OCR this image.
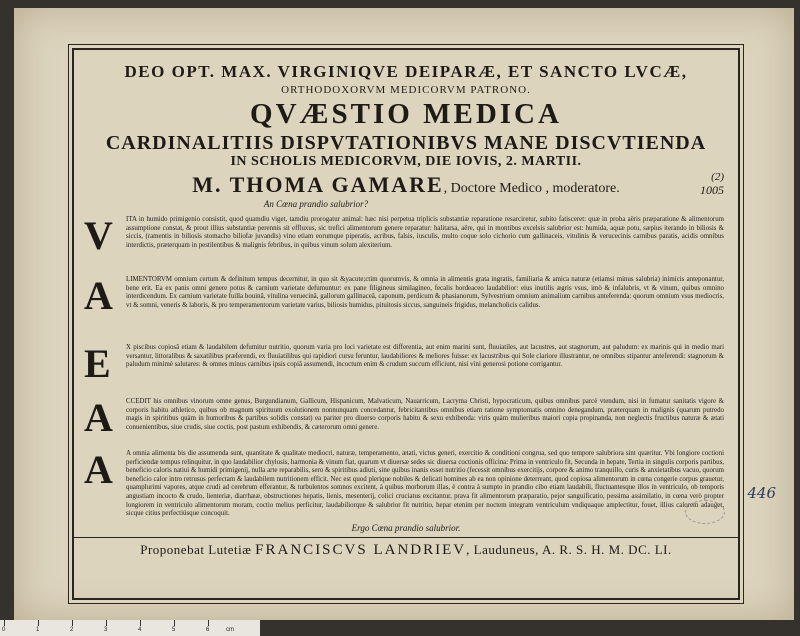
DEO OPT. MAX. VIRGINIQVE DEIPARÆ, ET SANCTO LVCÆ,
ORTHODOXORVM MEDICORVM PATRONO.
QVÆSTIO MEDICA
CARDINALITIIS DISPVTATIONIBVS MANE DISCVTIENDA
IN SCHOLIS MEDICORVM, DIE IOVIS, 2. MARTII.
M. THOMA GAMARE, Doctore Medico , moderatore.
An Cœna prandio salubrior?
(2)
1005
V ITA in humido primigenio consistit, quod quamdiu viget, tamdiu prorogatur animal: hæc nisi perpetua triplicis substantiæ reparatione resarciretur, subito fatisceret: quæ in proba aëris præparatione & alimentorum assumptione constat, & prout illius substantiæ perennis sit effluxus, sic trefici alimentorum genere reparatur: halitarsa, aëre, qui in montibus excelsis salubrior est: humida, aquæ potu, sæpius iterando in biliosis & siccis, (ramentis in biliosis stomacho biliofæ juvandis) vino etiam eorumque piperatis, acribus, falsis, iusculis, multo coque solo cichorio cum gallinaceis, vitulinis & verucecinis carnibus paratis, acidis omnibus interdictis, præterquam in pestilentibus & malignis febribus, in quibus vinum solum alexiterium.
A LIMENTORVM omnium certum & definitum tempus decernitur, in quo sit &yacute;ctim quorumvis, & omnia in alimentis grata ingratis, familiaria & amica naturæ (etiamsi minus salubria) inimicis anteponantur, bene erit. Ea ex panis omni genere potus & carnium varietate defumuntur: ex pane filigineus similagineo, fecalis hordeaceo laudabilior: eius inutilis ægris vsus, imò & infalubris, vt & vinum, quibus omnino interdicendum. Ex carnium varietate fuilla bouinâ, vitulina veruecinâ, gallorum gallinaceâ, caponum, perdicum & phasianorum, Sylvestrium omnium animalium carnibus anteferenda: quorum omnium vsus mediocris, vt & somni, veneris & laboris, & pro temperamentorum varietate varius, biliosis humidus, pituitosis siccus, sanguineis frigidus, melancholicis calidus.
E X piscibus copiosâ etiam & laudabilem defumitur nutritio, quorum varia pro loci varietate est differentia, aut enim marini sunt, fluuiatiles, aut lacustres, aut stagnorum, aut paludum: ex marinis qui in medio mari versantur, littoralibus & saxatilibus præferendi, ex fluuiatilibus qui rapidiori cursu feruntur, laudabiliores & meliores fuisse: ex lacustribus qui Sole clariore illustrantur, ne omnibus stipantur anteferendi: stagnorum & paludum minimè salutares: & omnes minus carnibus ipsis copiâ assumendi, incoctum enim & crudum succum efficiunt, nisi vini generosi potione corrigantur.
A CCEDIT his omnibus vinorum omne genus, Burgundianum, Gallicum, Hispanicum, Malvaticum, Nauarricum, Lacryma Christi, hypocraticum, quibus omnibus parcè vtendum, nisi in fumatur sanitatis vigore & corporis habitu athletico, quibus ob magnum spirituum exolutionem nonnunquam concedantur, febricitantibus omnibus etiam ratione symptomatis omnino denegandum, præterquam in malignis (quarum putredo magis in spiritibus quàm in humoribus & partibus solidis constat) ea pariter pro diuerso corporis habitu & sexu exhibenda: viris quàm mulieribus maiori copia propinanda, non neglectis fructibus naturæ & ætati conuenientibus, siue crudis, siue coctis, post pastum exhibendis, & cæterorum omni genere.
A A omnia alimenta bis die assumenda sunt, quantitate & qualitate mediocri, naturæ, temperamento, ætati, victus generi, exercitio & conditioni congrua, sed quo tempore salubriora sint quæritur. Vbi longiore coctioni perficiendæ tempus relinquitur, in quo laudabilior chylosis, harmonia & vinum fiat, quarum vt diuersæ sedes sic diuersa coctionis officina: Prima in ventriculo fit, Secunda in hepate, Tertia in singulis corporis partibus, beneficio caloris natiui & humidi primigenij, nulla arte reparabilis, sero & spiritibus adiuti, sine quibus inanis esset nutritio (fecessit omnibus exercitijs, corpore & animo tranquillo, curis & anxietatibus vacuo, quorum beneficio calor intro retrusus perfectam & laudabilem nutritionem efficit. Nec est quod plerique nobiles & delicati homines ab ea non opinione deterreant, quod copiosa alimentorum in cœna congerie corpus grauetur, quamplurimi vapores, atque crudi ad cerebrum efferantur, & turbulentos somnos excitent, à quibus morborum illas, è contra à sumpto in prandio cibo etiam laudabili, fluctuantesque illos in ventriculo, ob temporis angustiam incocto & crudo, lienteriæ, diarrhææ, obstructiones hepatis, lienis, mesenterij, colici cruciatus excitantur, prava fit alimentorum præparatio, pejor sanguificatio, pessima assimilatio, in cœna verò propter longiorem in ventriculo alimentorum moram, coctio melius perficitur, laudabiliorque & salubrior fit nutritio, hepar etenim per noctem integram ventriculum vndiquaque amplectitur, fouet, illius calorem adauget, sicque citius perfectiúsque concoquit.
Ergo Cœna prandio salubrior.
Proponebat Lutetiæ FRANCISCVS LANDRIEV, Lauduneus, A. R. S. H. M. DC. LI.
446
0	1	2	3	4	5	6	cm
